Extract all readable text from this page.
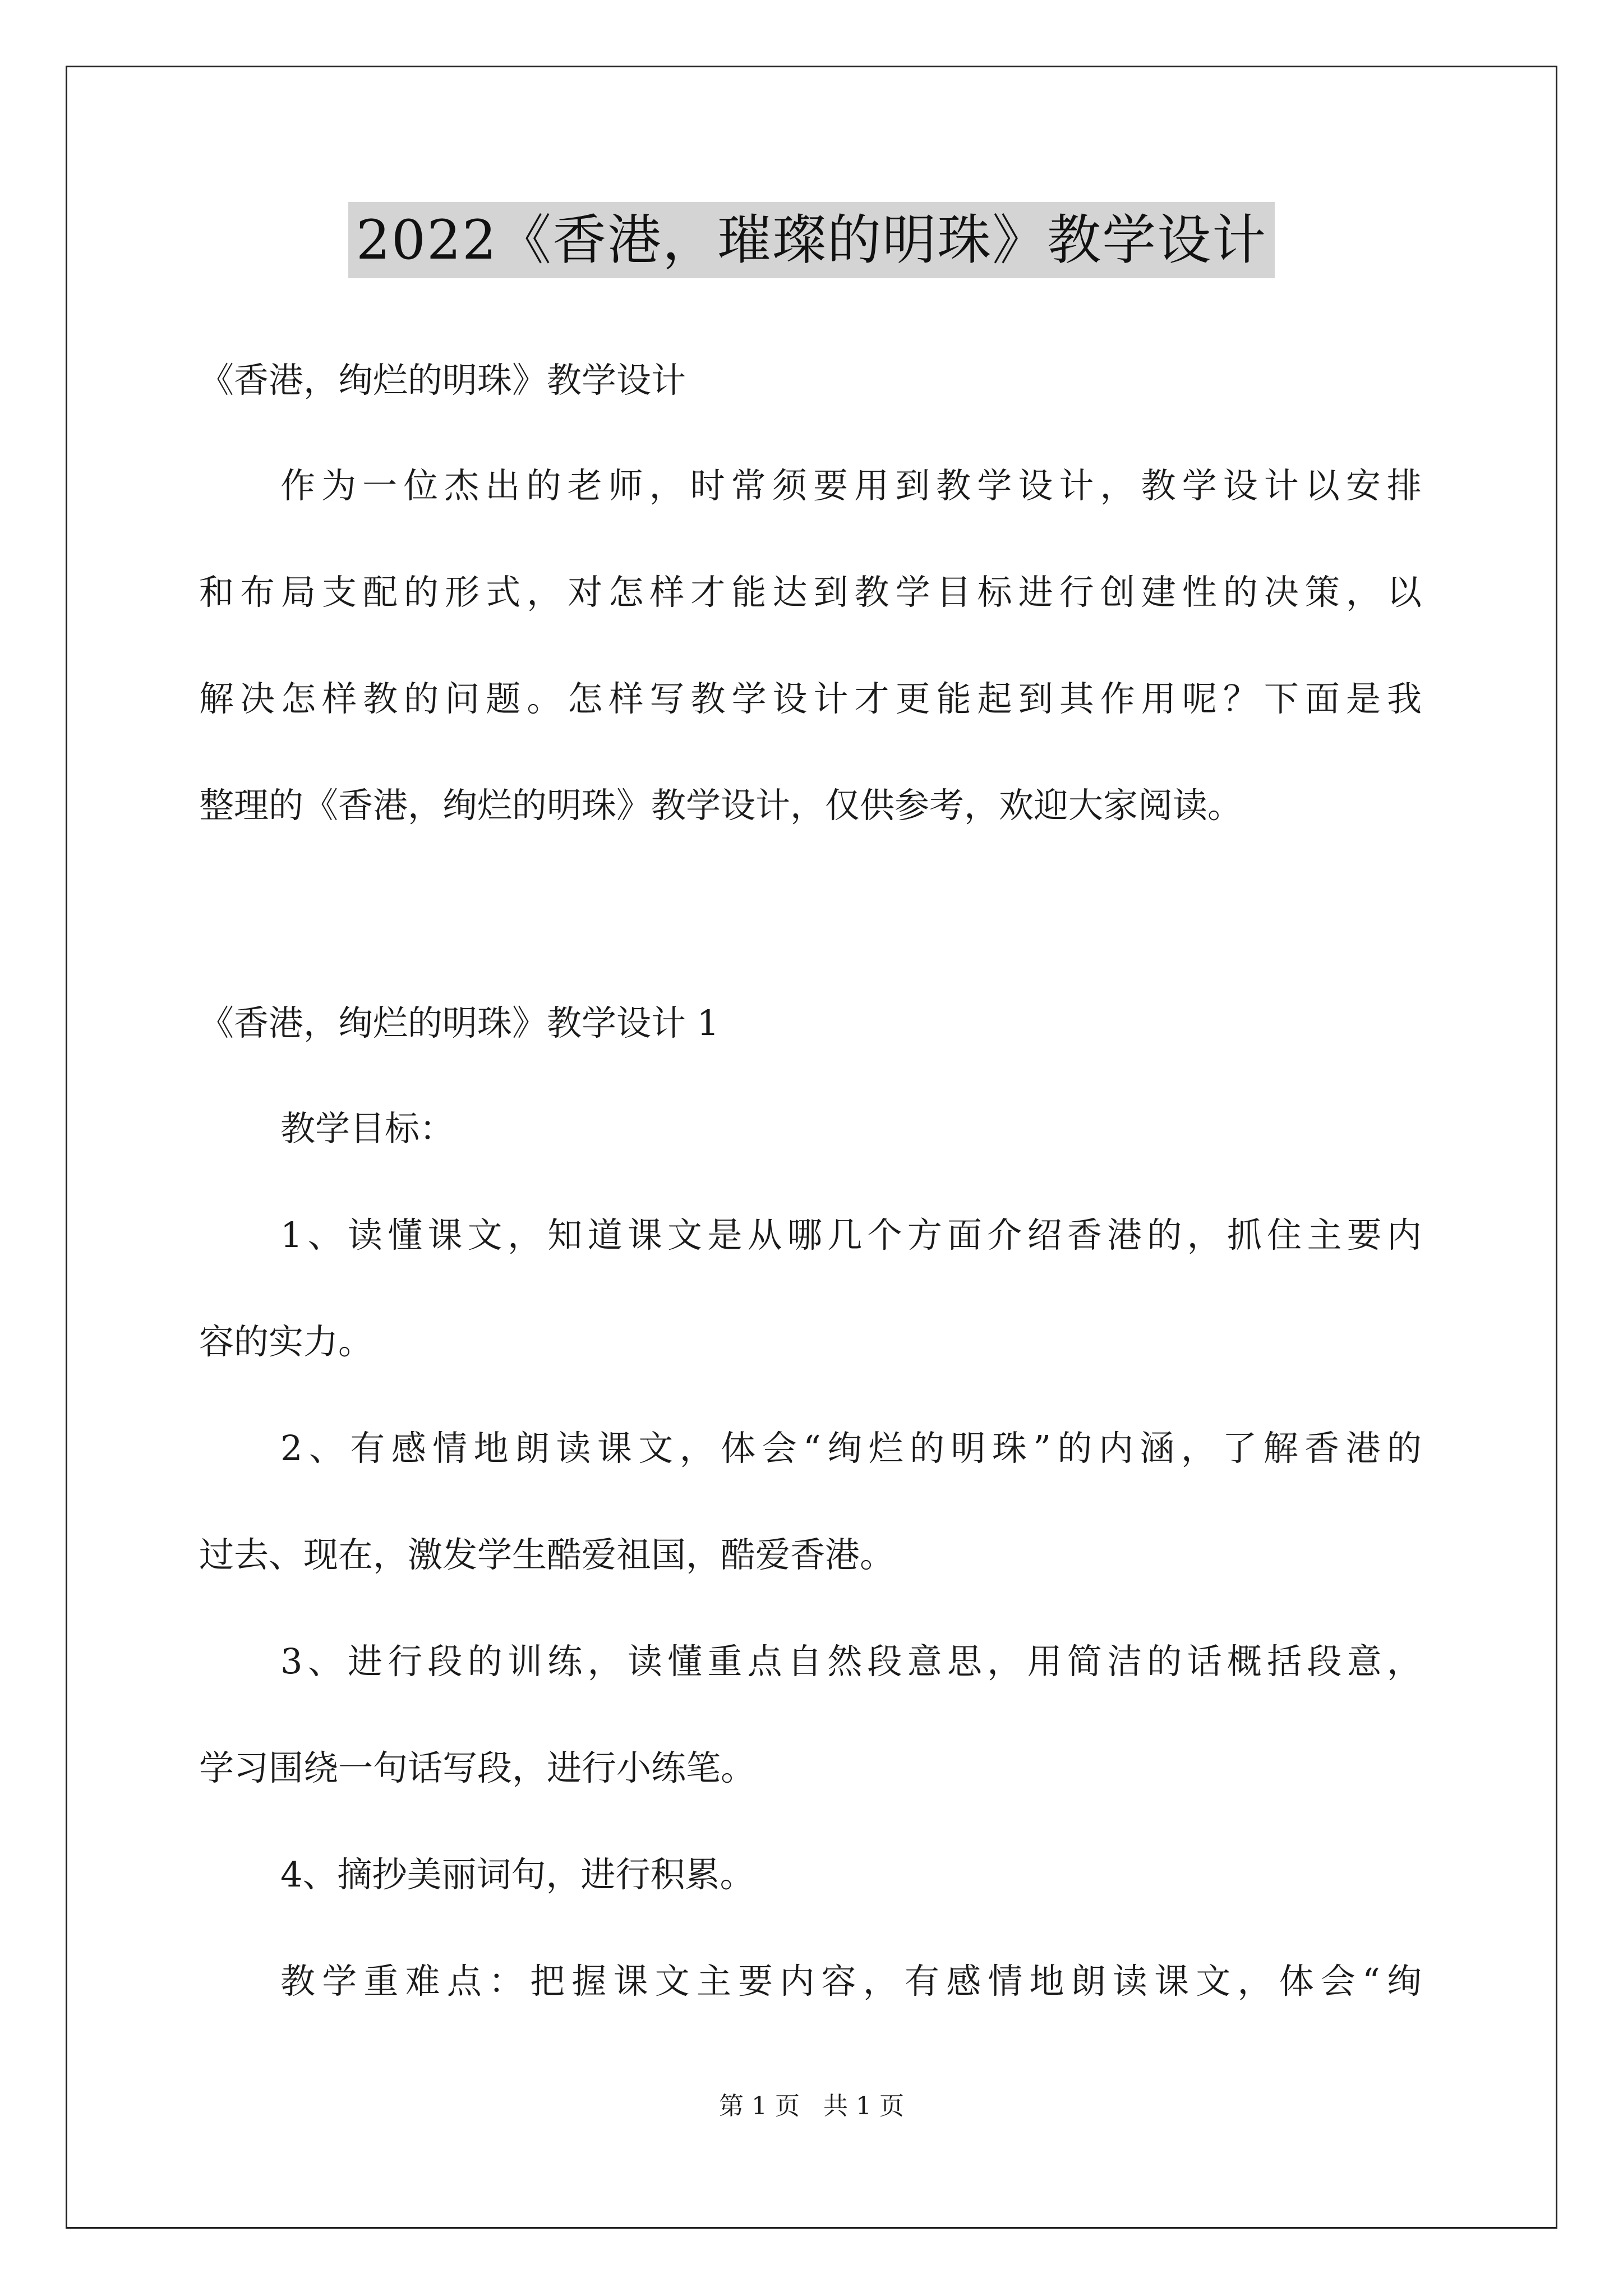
2022《香港，璀璨的明珠》教学设计
《香港，绚烂的明珠》教学设计
作为一位杰出的老师，时常须要用到教学设计，教学设计以安排
和布局支配的形式，对怎样才能达到教学目标进行创建性的决策，以
解决怎样教的问题。怎样写教学设计才更能起到其作用呢？下面是我
整理的《香港，绚烂的明珠》教学设计，仅供参考，欢迎大家阅读。
《香港，绚烂的明珠》教学设计 1
教学目标：
1、读懂课文，知道课文是从哪几个方面介绍香港的，抓住主要内
容的实力。
2、有感情地朗读课文，体会“绚烂的明珠”的内涵，了解香港的
过去、现在，激发学生酷爱祖国，酷爱香港。
3、进行段的训练，读懂重点自然段意思，用简洁的话概括段意，
学习围绕一句话写段，进行小练笔。
4、摘抄美丽词句，进行积累。
教学重难点：把握课文主要内容，有感情地朗读课文，体会“绚
第 1 页 共 1 页
